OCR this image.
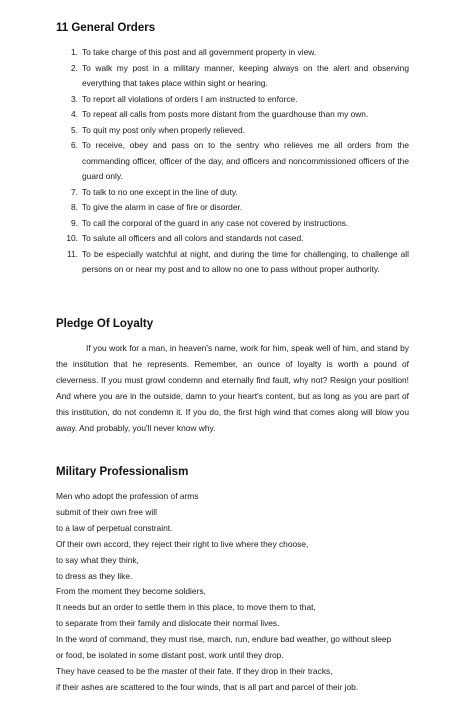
11 General Orders
1. To take charge of this post and all government property in view.
2. To walk my post in a military manner, keeping always on the alert and observing everything that takes place within sight or hearing.
3. To report all violations of orders I am instructed to enforce.
4. To repeat all calls from posts more distant from the guardhouse than my own.
5. To quit my post only when properly relieved.
6. To receive, obey and pass on to the sentry who relieves me all orders from the commanding officer, officer of the day, and officers and noncommissioned officers of the guard only.
7. To talk to no one except in the line of duty.
8. To give the alarm in case of fire or disorder.
9. To call the corporal of the guard in any case not covered by instructions.
10. To salute all officers and all colors and standards not cased.
11. To be especially watchful at night, and during the time for challenging, to challenge all persons on or near my post and to allow no one to pass without proper authority.
Pledge Of Loyalty

If you work for a man, in heaven's name, work for him, speak well of him, and stand by the institution that he represents. Remember, an ounce of loyalty is worth a pound of cleverness. If you must growl condemn and eternally find fault, why not? Resign your position! And where you are in the outside, damn to your heart's content, but as long as you are part of this institution, do not condemn it. If you do, the first high wind that comes along will blow you away. And probably, you'll never know why.

Military Professionalism
Men who adopt the profession of arms
submit of their own free will
to a law of perpetual constraint.
Of their own accord, they reject their right to live where they choose,
to say what they think,
to dress as they like.
From the moment they become soldiers,
It needs but an order to settle them in this place, to move them to that,
to separate from their family and dislocate their normal lives.
In the word of command, they must rise, march, run, endure bad weather, go without sleep
or food, be isolated in some distant post, work until they drop.
They have ceased to be the master of their fate. If they drop in their tracks,
if their ashes are scattered to the four winds, that is all part and parcel of their job.
